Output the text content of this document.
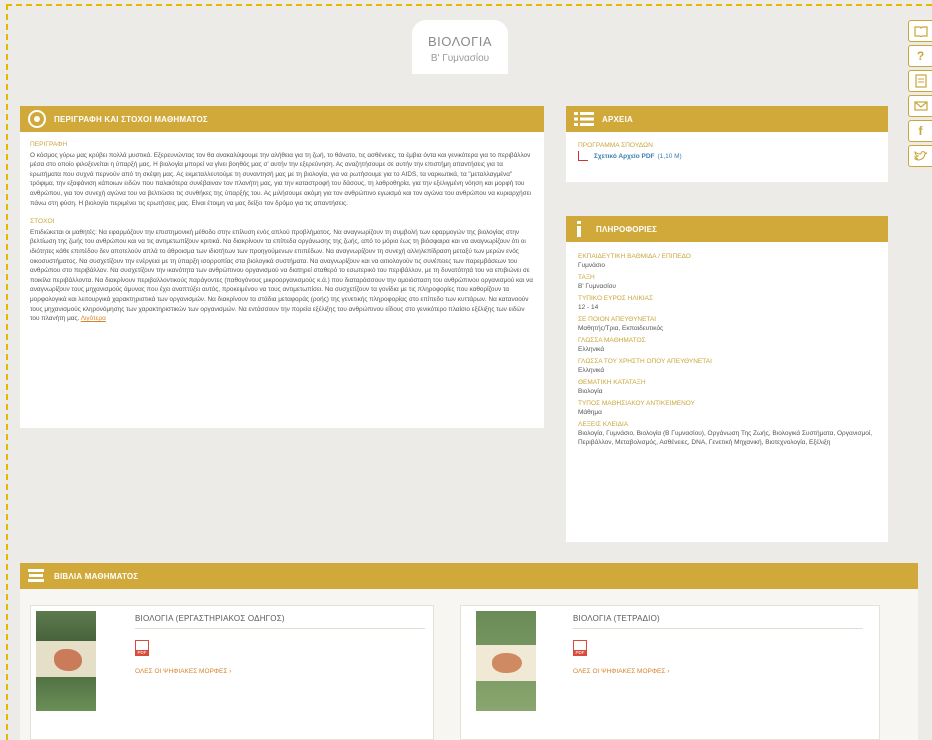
ΒΙΟΛΟΓΙΑ
Β' Γυμνασίου	?
f
ΠΕΡΙΓΡΑΦΗ ΚΑΙ ΣΤΟΧΟΙ ΜΑΘΗΜΑΤΟΣ
ΠΕΡΙΓΡΑΦΗ
Ο κόσμος γύρω μας κρύβει πολλά μυστικά. Εξερευνώντας τον θα ανακαλύψουμε την αλήθεια για τη ζωή, το θάνατο, τις ασθένειες, τα έμβια όντα και γενικότερα για το περιβάλλον μέσα στο οποίο φιλοξενείται η ύπαρξή μας. Η βιολογία μπορεί να γίνει βοηθός μας σ' αυτήν την εξερεύνηση. Ας αναζητήσουμε σε αυτήν την επιστήμη απαντήσεις για τα ερωτήματα που συχνά περνούν από τη σκέψη μας. Ας εκμεταλλευτούμε τη συναντησή μας με τη βιολογία, για να ρωτήσουμε για το AIDS, τα ναρκωτικά, τα "μεταλλαγμένα" τρόφιμα, την εξαφάνιση κάποιων ειδών που παλαιότερα συνέβαιναν τον πλανήτη μας, για την καταστροφή του δάσους, τη λαθροθηρία, για την εξελιγμένη νόηση και μορφή του ανθρώπου, για τον συνεχή αγώνα του να βελτιώσει τις συνθήκες της ύπαρξής του. Ας μιλήσουμε ακόμη για τον ανθρώπινο εγωισμό και τον αγώνα του ανθρώπου να κυριαρχήσει πάνω στη φύση. Η βιολογία περιμένει τις ερωτήσεις μας. Είναι έτοιμη να μας δείξει τον δρόμο για τις απαντήσεις.
ΣΤΟΧΟΙ
Επιδιώκεται οι μαθητές: Να εφαρμόζουν την επιστημονική μέθοδο στην επίλυση ενός απλού προβλήματος. Να αναγνωρίζουν τη συμβολή των εφαρμογών της βιολογίας στην βελτίωση της ζωής του ανθρώπου και να τις αντιμετωπίζουν κριτικά. Να διακρίνουν τα επίπεδα οργάνωσης της ζωής, από το μόριο έως τη βιόσφαιρα και να αναγνωρίζουν ότι οι ιδιότητες κάθε επιπέδου δεν αποτελούν απλά το άθροισμα των ιδιοτήτων των προηγούμενων επιπέδων. Να αναγνωρίζουν τη συνεχή αλληλεπίδραση μεταξύ των μερών ενός οικοσυστήματος. Να συσχετίζουν την ενέργεια με τη ύπαρξη ισορροπίας στα βιολογικά συστήματα. Να αναγνωρίζουν και να αιτιολογούν τις συνέπειες των παρεμβάσεων του ανθρώπου στο περιβάλλον. Να συσχετίζουν την ικανότητα των ανθρώπινου οργανισμού να διατηρεί σταθερό το εσωτερικό του περιβάλλον, με τη δυνατότητά του να επιβιώνει σε ποικίλα περιβάλλοντα. Να διακρίνουν περιβαλλοντικούς παράγοντες (παθογόνους μικροοργανισμούς κ.ά.) που διαταράσσουν την ομοιόσταση του ανθρώπινου οργανισμού και να αναγνωρίζουν τους μηχανισμούς άμυνας που έχει αναπτύξει αυτός, προκειμένου να τους αντιμετωπίσει. Να συσχετίζουν τα γονίδια με τις πληροφορίες που καθορίζουν τα μορφολογικά και λειτουργικά χαρακτηριστικά των οργανισμών. Να διακρίνουν τα στάδια μεταφοράς (ροής) της γενετικής πληροφορίας στο επίπεδο των κυττάρων. Να κατανοούν τους μηχανισμούς κληρονόμησης των χαρακτηριστικών των οργανισμών. Να εντάσσουν την πορεία εξέλιξης του ανθρώπινου είδους στο γενικότερο πλαίσιο εξέλιξης των ειδών του πλανήτη μας. Λιγότερα
ΑΡΧΕΙΑ
ΠΡΟΓΡΑΜΜΑ ΣΠΟΥΔΩΝ
Σχετικό Αρχείο PDF (1,10 M)
ΠΛΗΡΟΦΟΡΙΕΣ
ΕΚΠΑΙΔΕΥΤΙΚΗ ΒΑΘΜΙΔΑ / ΕΠΙΠΕΔΟ
Γυμνάσιο
ΤΑΞΗ
Β' Γυμνασίου
ΤΥΠΙΚΟ ΕΥΡΟΣ ΗΛΙΚΙΑΣ
12 - 14
ΣΕ ΠΟΙΟΝ ΑΠΕΥΘΥΝΕΤΑΙ
Μαθητής/Τρια, Εκπαιδευτικός
ΓΛΩΣΣΑ ΜΑΘΗΜΑΤΟΣ
Ελληνικά
ΓΛΩΣΣΑ ΤΟΥ ΧΡΗΣΤΗ ΟΠΟΥ ΑΠΕΥΘΥΝΕΤΑΙ
Ελληνικά
ΘΕΜΑΤΙΚΗ ΚΑΤΑΤΑΞΗ
Βιολογία
ΤΥΠΟΣ ΜΑΘΗΣΙΑΚΟΥ ΑΝΤΙΚΕΙΜΕΝΟΥ
Μάθημα
ΛΕΞΕΙΣ ΚΛΕΙΔΙΑ
Βιολογία, Γυμνάσιο, Βιολογία (Β Γυμνασίου), Οργάνωση Της Ζωής, Βιολογικά Συστήματα, Οργανισμοί, Περιβάλλον, Μεταβολισμός, Ασθένειες, DNA, Γενετική Μηχανική, Βιοτεχνολογία, Εξέλιξη
ΒΙΒΛΙΑ ΜΑΘΗΜΑΤΟΣ
ΒΙΟΛΟΓΙΑ (ΕΡΓΑΣΤΗΡΙΑΚΟΣ ΟΔΗΓΟΣ)
PDF
ΟΛΕΣ ΟΙ ΨΗΦΙΑΚΕΣ ΜΟΡΦΕΣ ›
ΒΙΟΛΟΓΙΑ (ΤΕΤΡΑΔΙΟ)
PDF
ΟΛΕΣ ΟΙ ΨΗΦΙΑΚΕΣ ΜΟΡΦΕΣ ›
